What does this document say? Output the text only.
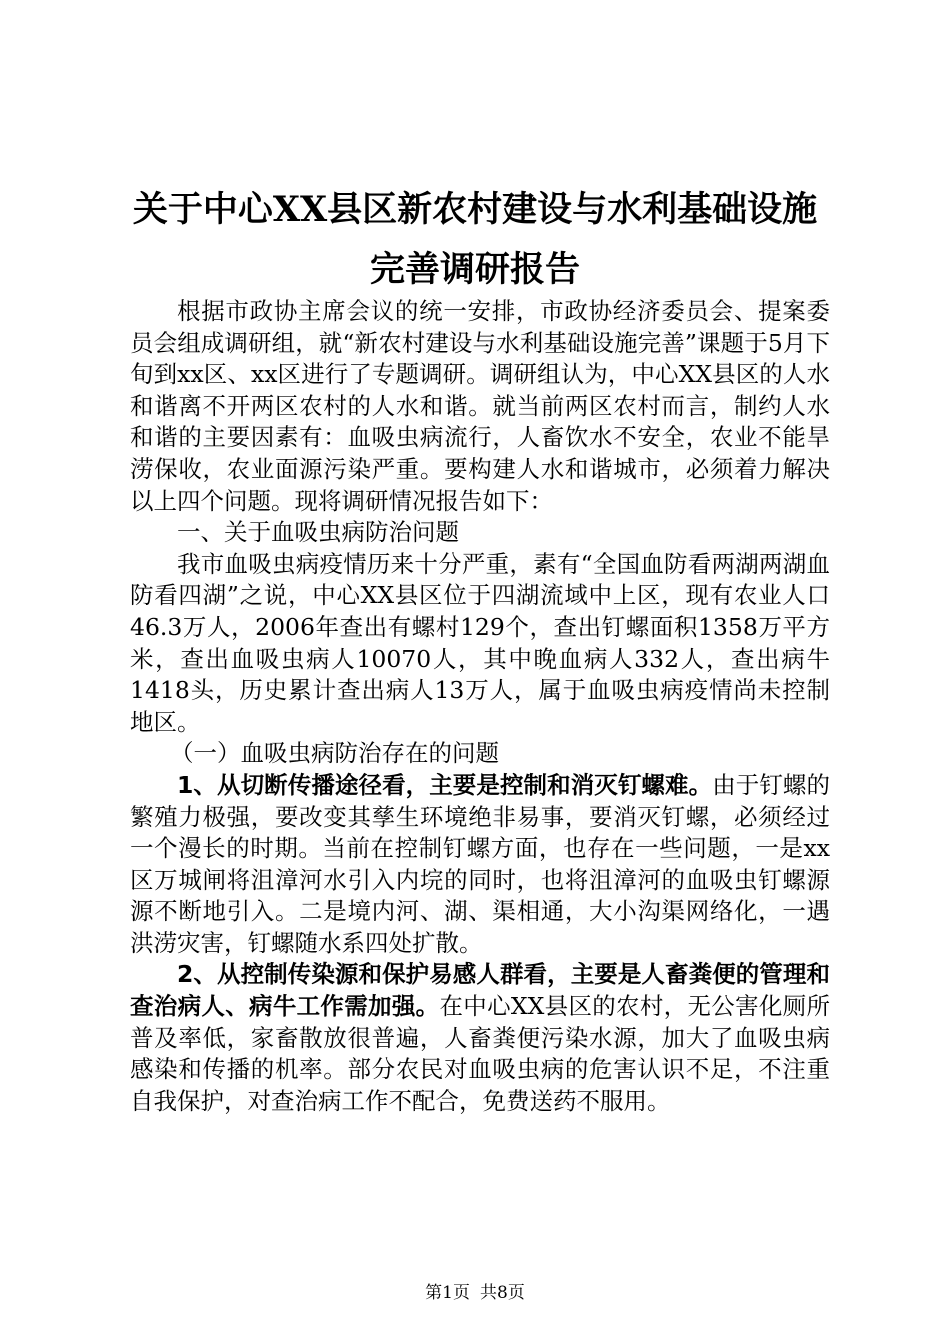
关于中心XX县区新农村建设与水利基础设施
完善调研报告

根据市政协主席会议的统一安排，市政协经济委员会、提案委员会组成调研组，就“新农村建设与水利基础设施完善”课题于5月下旬到xx区、xx区进行了专题调研。调研组认为，中心XX县区的人水和谐离不开两区农村的人水和谐。就当前两区农村而言，制约人水和谐的主要因素有：血吸虫病流行，人畜饮水不安全，农业不能旱涝保收，农业面源污染严重。要构建人水和谐城市，必须着力解决以上四个问题。现将调研情况报告如下：

一、关于血吸虫病防治问题

我市血吸虫病疫情历来十分严重，素有“全国血防看两湖两湖血防看四湖”之说，中心XX县区位于四湖流域中上区，现有农业人口46.3万人，2006年查出有螺村129个，查出钉螺面积1358万平方米，查出血吸虫病人10070人，其中晚血病人332人，查出病牛1418头，历史累计查出病人13万人，属于血吸虫病疫情尚未控制地区。

（一）血吸虫病防治存在的问题

1、从切断传播途径看，主要是控制和消灭钉螺难。由于钉螺的繁殖力极强，要改变其孳生环境绝非易事，要消灭钉螺，必须经过一个漫长的时期。当前在控制钉螺方面，也存在一些问题，一是xx区万城闸将沮漳河水引入内垸的同时，也将沮漳河的血吸虫钉螺源源不断地引入。二是境内河、湖、渠相通，大小沟渠网络化，一遇洪涝灾害，钉螺随水系四处扩散。

2、从控制传染源和保护易感人群看，主要是人畜粪便的管理和查治病人、病牛工作需加强。在中心XX县区的农村，无公害化厕所普及率低，家畜散放很普遍，人畜粪便污染水源，加大了血吸虫病感染和传播的机率。部分农民对血吸虫病的危害认识不足，不注重自我保护，对查治病工作不配合，免费送药不服用。

第1页 共8页
